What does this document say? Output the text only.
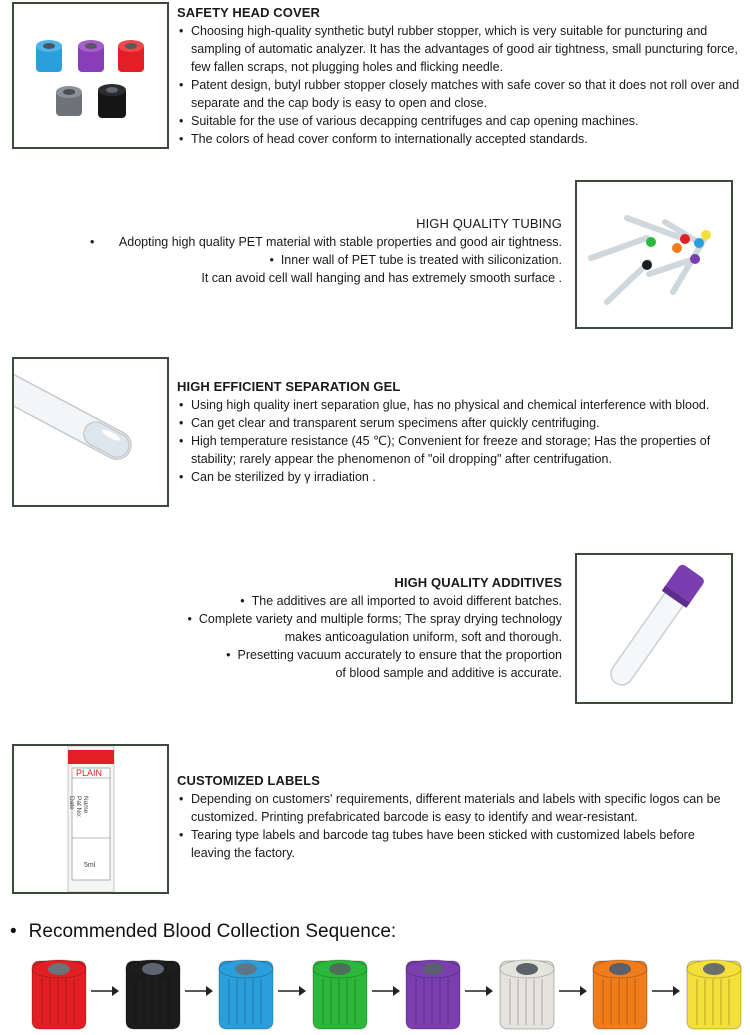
SAFETY HEAD COVER
• Choosing high-quality synthetic butyl rubber stopper, which is very suitable for puncturing and sampling of automatic analyzer. It has the advantages of good air tightness, small puncturing force, few fallen scraps, not plugging holes and flicking needle.
• Patent design, butyl rubber stopper closely matches with safe cover so that it does not roll over and separate and the cap body is easy to open and close.
• Suitable for the use of various decapping centrifuges and cap opening machines.
• The colors of head cover conform to internationally accepted standards.
HIGH QUALITY TUBING
• Adopting high quality PET material with stable properties and good air tightness.
•  Inner wall of PET tube is treated with siliconization.
It can avoid cell wall hanging and has extremely smooth surface .
HIGH EFFICIENT SEPARATION GEL
• Using high quality inert separation glue, has no physical and chemical interference with blood.
• Can get clear and transparent serum specimens after quickly centrifuging.
• High temperature resistance (45 ℃); Convenient for freeze and storage; Has the properties of stability; rarely appear the phenomenon of "oil dropping" after centrifugation.
• Can be sterilized by γ irradiation .
HIGH QUALITY ADDITIVES
•  The additives are all imported to avoid different batches.
•  Complete variety and multiple forms; The spray drying technology
makes anticoagulation uniform, soft and thorough.
•  Presetting vacuum accurately to ensure that the proportion
of blood sample and additive is accurate.
PLAIN
Name
Pat No:
Date
5ml
CUSTOMIZED LABELS
• Depending on customers' requirements, different materials and labels with specific logos can be customized. Printing prefabricated barcode is easy to identify and wear-resistant.
• Tearing type labels and barcode tag tubes have been sticked with customized labels before leaving the factory.
• Recommended Blood Collection Sequence:
